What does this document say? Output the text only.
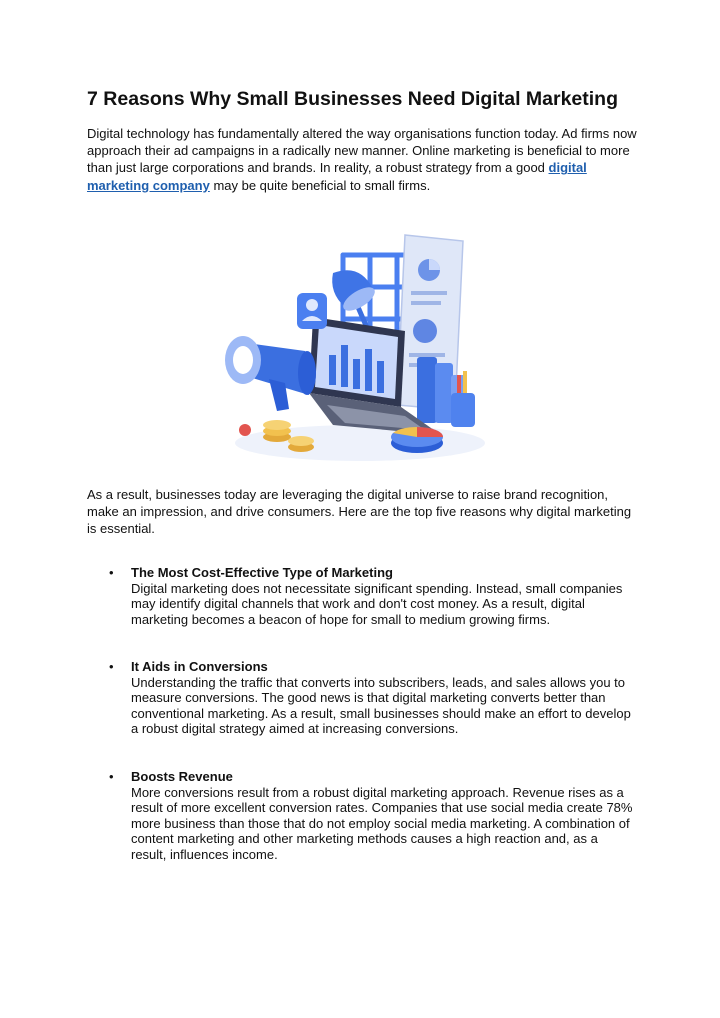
7 Reasons Why Small Businesses Need Digital Marketing

Digital technology has fundamentally altered the way organisations function today. Ad firms now approach their ad campaigns in a radically new manner. Online marketing is beneficial to more than just large corporations and brands. In reality, a robust strategy from a good digital marketing company may be quite beneficial to small firms.

As a result, businesses today are leveraging the digital universe to raise brand recognition, make an impression, and drive consumers. Here are the top five reasons why digital marketing is essential.

• The Most Cost-Effective Type of Marketing
Digital marketing does not necessitate significant spending. Instead, small companies may identify digital channels that work and don't cost money. As a result, digital marketing becomes a beacon of hope for small to medium growing firms.
• It Aids in Conversions
Understanding the traffic that converts into subscribers, leads, and sales allows you to measure conversions. The good news is that digital marketing converts better than conventional marketing. As a result, small businesses should make an effort to develop a robust digital strategy aimed at increasing conversions.
• Boosts Revenue
More conversions result from a robust digital marketing approach. Revenue rises as a result of more excellent conversion rates. Companies that use social media create 78% more business than those that do not employ social media marketing. A combination of content marketing and other marketing methods causes a high reaction and, as a result, influences income.
